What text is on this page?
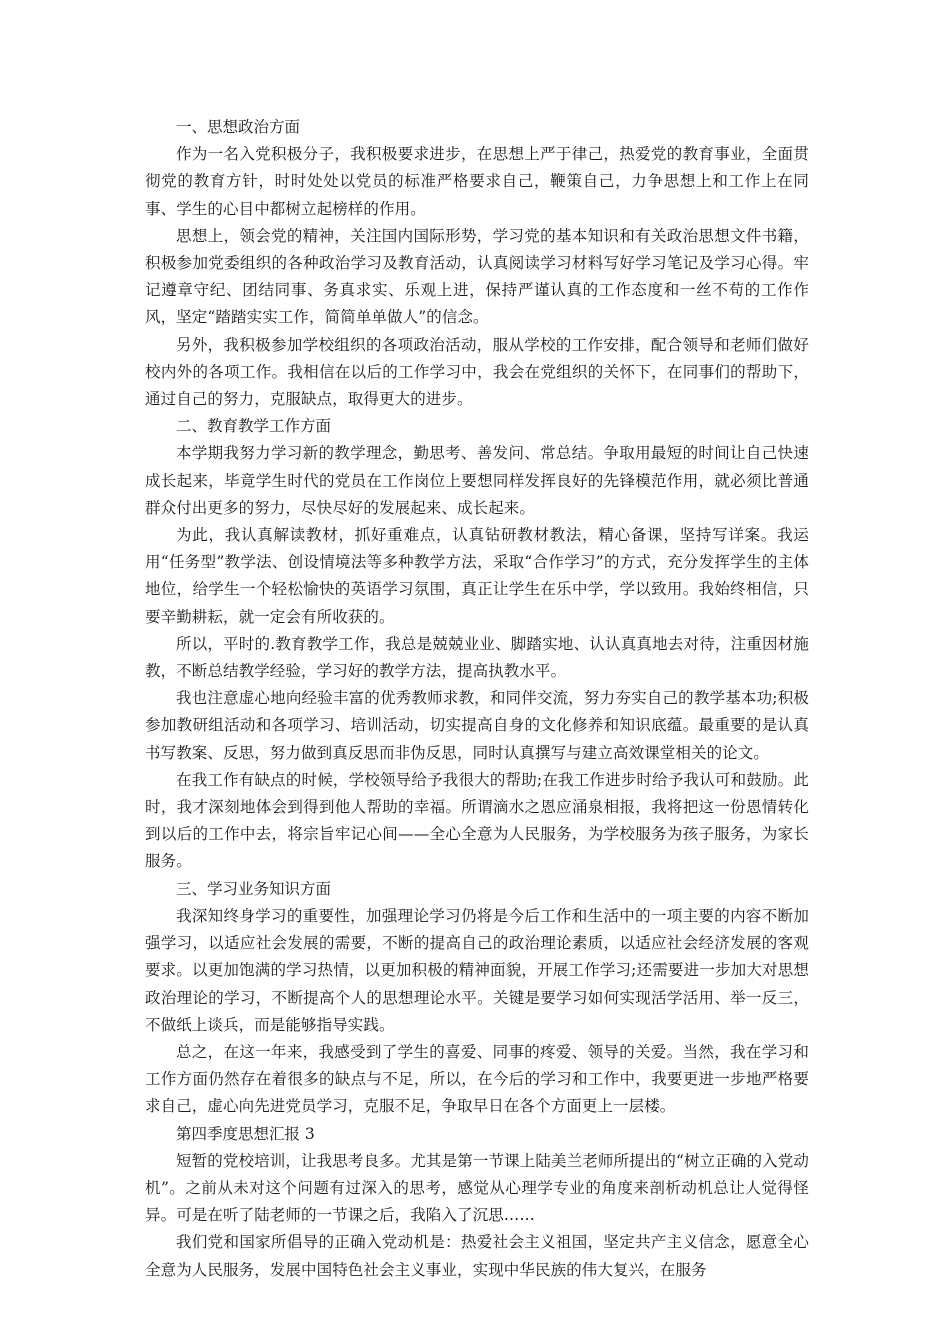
一、思想政治方面

作为一名入党积极分子，我积极要求进步，在思想上严于律己，热爱党的教育事业，全面贯彻党的教育方针，时时处处以党员的标准严格要求自己，鞭策自己，力争思想上和工作上在同事、学生的心目中都树立起榜样的作用。

思想上，领会党的精神，关注国内国际形势，学习党的基本知识和有关政治思想文件书籍，积极参加党委组织的各种政治学习及教育活动，认真阅读学习材料写好学习笔记及学习心得。牢记遵章守纪、团结同事、务真求实、乐观上进，保持严谨认真的工作态度和一丝不苟的工作作风，坚定“踏踏实实工作，简简单单做人”的信念。

另外，我积极参加学校组织的各项政治活动，服从学校的工作安排，配合领导和老师们做好校内外的各项工作。我相信在以后的工作学习中，我会在党组织的关怀下，在同事们的帮助下，通过自己的努力，克服缺点，取得更大的进步。

二、教育教学工作方面

本学期我努力学习新的教学理念，勤思考、善发问、常总结。争取用最短的时间让自己快速成长起来，毕竟学生时代的党员在工作岗位上要想同样发挥良好的先锋模范作用，就必须比普通群众付出更多的努力，尽快尽好的发展起来、成长起来。

为此，我认真解读教材，抓好重难点，认真钻研教材教法，精心备课，坚持写详案。我运用“任务型”教学法、创设情境法等多种教学方法，采取“合作学习”的方式，充分发挥学生的主体地位，给学生一个轻松愉快的英语学习氛围，真正让学生在乐中学，学以致用。我始终相信，只要辛勤耕耘，就一定会有所收获的。

所以，平时的.教育教学工作，我总是兢兢业业、脚踏实地、认认真真地去对待，注重因材施教，不断总结教学经验，学习好的教学方法，提高执教水平。

我也注意虚心地向经验丰富的优秀教师求教，和同伴交流，努力夯实自己的教学基本功;积极参加教研组活动和各项学习、培训活动，切实提高自身的文化修养和知识底蕴。最重要的是认真书写教案、反思，努力做到真反思而非伪反思，同时认真撰写与建立高效课堂相关的论文。

在我工作有缺点的时候，学校领导给予我很大的帮助;在我工作进步时给予我认可和鼓励。此时，我才深刻地体会到得到他人帮助的幸福。所谓滴水之恩应涌泉相报，我将把这一份恩情转化到以后的工作中去，将宗旨牢记心间——全心全意为人民服务，为学校服务为孩子服务，为家长服务。

三、学习业务知识方面

我深知终身学习的重要性，加强理论学习仍将是今后工作和生活中的一项主要的内容不断加强学习，以适应社会发展的需要，不断的提高自己的政治理论素质，以适应社会经济发展的客观要求。以更加饱满的学习热情，以更加积极的精神面貌，开展工作学习;还需要进一步加大对思想政治理论的学习，不断提高个人的思想理论水平。关键是要学习如何实现活学活用、举一反三，不做纸上谈兵，而是能够指导实践。

总之，在这一年来，我感受到了学生的喜爱、同事的疼爱、领导的关爱。当然，我在学习和工作方面仍然存在着很多的缺点与不足，所以，在今后的学习和工作中，我要更进一步地严格要求自己，虚心向先进党员学习，克服不足，争取早日在各个方面更上一层楼。

第四季度思想汇报 3

短暂的党校培训，让我思考良多。尤其是第一节课上陆美兰老师所提出的“树立正确的入党动机”。之前从未对这个问题有过深入的思考，感觉从心理学专业的角度来剖析动机总让人觉得怪异。可是在听了陆老师的一节课之后，我陷入了沉思……

我们党和国家所倡导的正确入党动机是：热爱社会主义祖国，坚定共产主义信念，愿意全心全意为人民服务，发展中国特色社会主义事业，实现中华民族的伟大复兴，在服务
